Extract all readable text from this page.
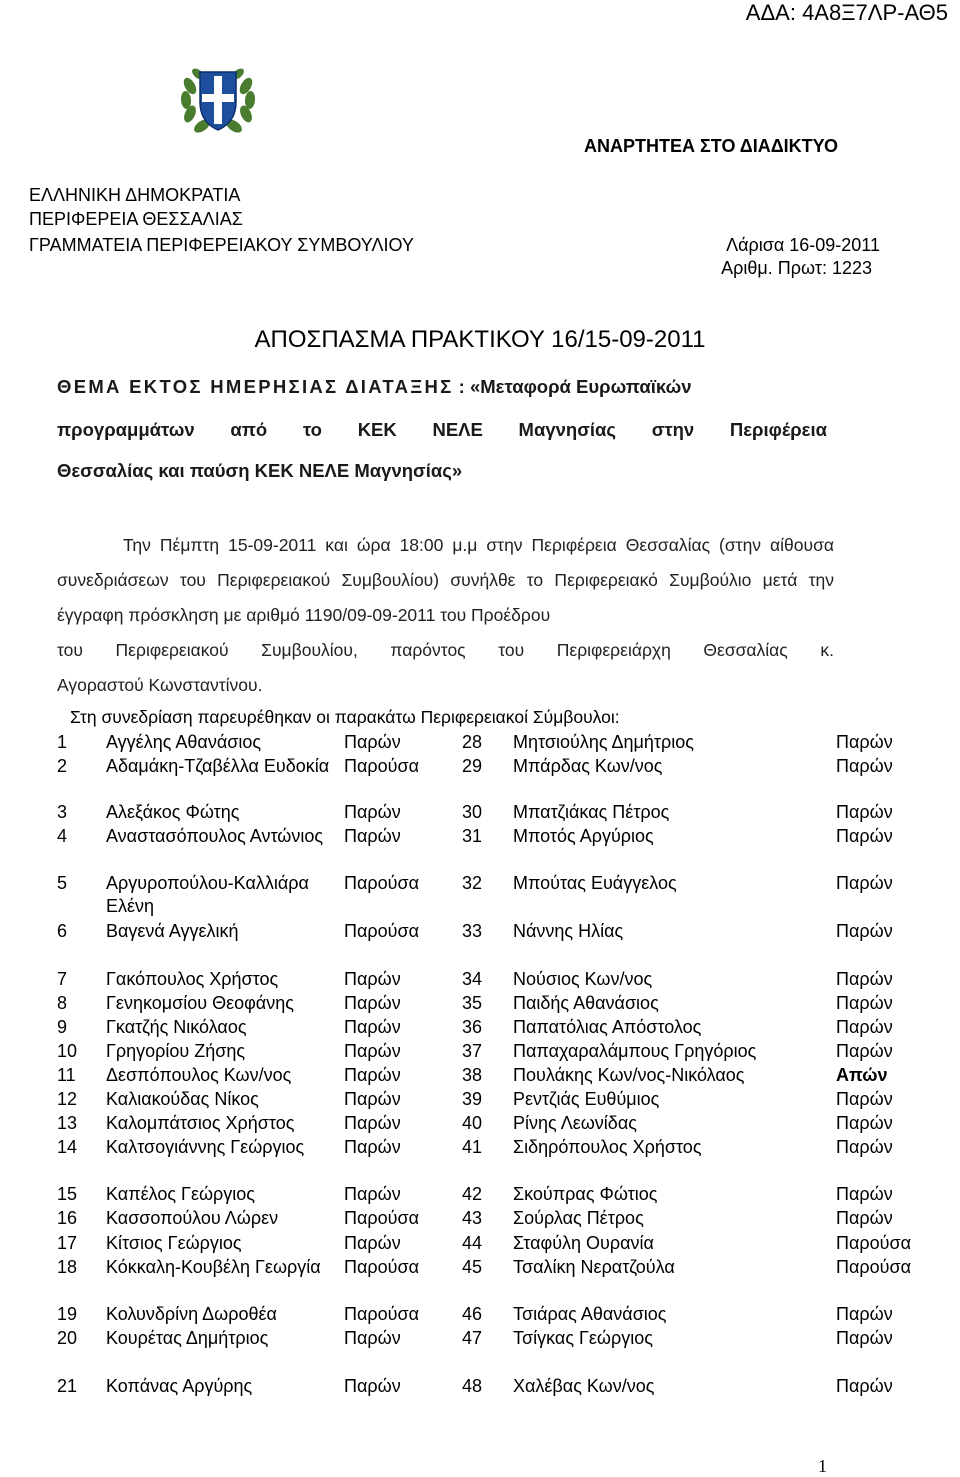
ΑΔΑ: 4Α8Ξ7ΛΡ-ΑΘ5
ΑΝΑΡΤΗΤΕΑ ΣΤΟ ΔΙΑΔΙΚΤΥΟ
ΕΛΛΗΝΙΚΗ ΔΗΜΟΚΡΑΤΙΑ
ΠΕΡΙΦΕΡΕΙΑ ΘΕΣΣΑΛΙΑΣ
ΓΡΑΜΜΑΤΕΙΑ ΠΕΡΙΦΕΡΕΙΑΚΟΥ ΣΥΜΒΟΥΛΙΟΥ	Λάρισα 16-09-2011
Αριθμ. Πρωτ: 1223
ΑΠΟΣΠΑΣΜΑ ΠΡΑΚΤΙΚΟΥ 16/15-09-2011
ΘΕΜΑ ΕΚΤΟΣ ΗΜΕΡΗΣΙΑΣ ΔΙΑΤΑΞΗΣ : «Μεταφορά Ευρωπαϊκών
προγραμμάτων από το ΚΕΚ ΝΕΛΕ Μαγνησίας στην Περιφέρεια
Θεσσαλίας και παύση ΚΕΚ ΝΕΛΕ Μαγνησίας»
Την Πέμπτη 15-09-2011 και ώρα 18:00 μ.μ στην Περιφέρεια Θεσσαλίας (στην αίθουσα συνεδριάσεων του Περιφερειακού Συμβουλίου) συνήλθε το Περιφερειακό Συμβούλιο μετά την έγγραφη πρόσκληση με αριθμό 1190/09-09-2011 του Προέδρου
του Περιφερειακού Συμβουλίου, παρόντος του Περιφερειάρχη Θεσσαλίας κ.
Αγοραστού Κωνσταντίνου.
Στη συνεδρίαση παρευρέθηκαν οι παρακάτω Περιφερειακοί Σύμβουλοι:
1 Αγγέλης Αθανάσιος	Παρών
2 Αδαμάκη-Τζαβέλλα Ευδοκία Παρούσα
3 Αλεξάκος Φώτης	Παρών
4 Αναστασόπουλος Αντώνιος	Παρών
5 Αργυροπούλου-Καλλιάρα Ελένη
Παρούσα
6 Βαγενά Αγγελική	Παρούσα
7 Γακόπουλος Χρήστος	Παρών
8 Γενηκομσίου Θεοφάνης	Παρών
9 Γκατζής Νικόλαος	Παρών
10 Γρηγορίου Ζήσης	Παρών
11 Δεσπόπουλος Κων/νος	Παρών
12 Καλιακούδας Νίκος	Παρών
13 Καλομπάτσιος Χρήστος	Παρών
14 Καλτσογιάννης Γεώργιος	Παρών
15 Καπέλος Γεώργιος	Παρών
16 Κασσοπούλου Λώρεν	Παρούσα
17 Κίτσιος Γεώργιος	Παρών
18 Κόκκαλη-Κουβέλη Γεωργία	Παρούσα
19 Κολυνδρίνη Δωροθέα	Παρούσα
20 Κουρέτας Δημήτριος	Παρών
21 Κοπάνας Αργύρης	Παρών
28 Μητσιούλης Δημήτριος	Παρών
29 Μπάρδας Κων/νος	Παρών
30 Μπατζιάκας Πέτρος	Παρών
31 Μποτός Αργύριος	Παρών
32 Μπούτας Ευάγγελος	Παρών
33 Νάννης Ηλίας	Παρών
34 Νούσιος Κων/νος	Παρών
35 Παιδής Αθανάσιος	Παρών
36 Παπατόλιας Απόστολος	Παρών
37 Παπαχαραλάμπους Γρηγόριος	Παρών
38 Πουλάκης Κων/νος-Νικόλαος	Απών
39 Ρεντζιάς Ευθύμιος	Παρών
40 Ρίνης Λεωνίδας	Παρών
41 Σιδηρόπουλος Χρήστος	Παρών
42 Σκούπρας Φώτιος	Παρών
43 Σούρλας Πέτρος	Παρών
44 Σταφύλη Ουρανία	Παρούσα
45 Τσαλίκη Νερατζούλα	Παρούσα
46 Τσιάρας Αθανάσιος	Παρών
47 Τσίγκας Γεώργιος	Παρών
48 Χαλέβας Κων/νος	Παρών
1
